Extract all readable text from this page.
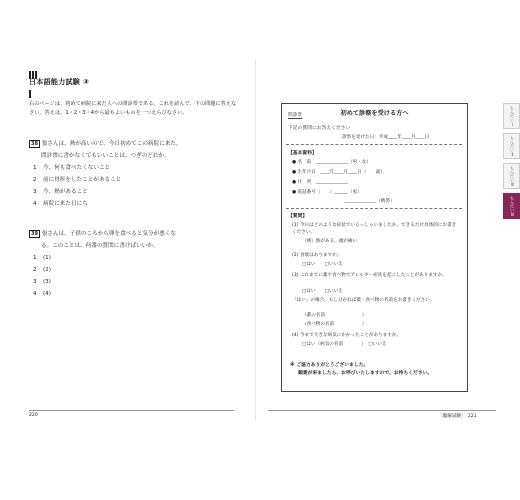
日本語能力試験 ③
右のページは、初めて病院に来た人への問診票である。これを読んで、下の問題に答えなさい。答えは、1・2・3・4から最もよいものを一つえらびなさい。
38 張さんは、熱が高いので、今日初めてこの病院に来た。
問診票に書かなくてもいいことは、つぎのどれか。
1 今、何も食べたくないこと
2 前に骨折をしたことがあること
3 今、熱があること
4 病院に来た日にち
39 張さんは、子供のころから卵を食べると気分が悪くな
る。このことは、何番の質問に書けばいいか。
1 (1)
2 (2)
3 (3)
4 (4)
220
問診票	初めて診察を受ける方へ
下記の質問にお答えください
診察を受けた日：平成____年____月____日
【基本資料】
● 名　前　______________（男・女）
● 生年月日　____年____月____日（　　歳）
● 住　所　______________
● 電話番号（　　）______（家）
______________（携帯）
【質問】
(1) 今日はどのような症状でいらっしゃいましたか。できるだけ具体的にお書きください。
（例）熱がある、頭が痛い
(2) 食欲はありますか。
□はい　　□いいえ
(3) これまでに薬や食べ物でアレルギー症状を起こしたことがありますか。
□はい　　□いいえ
「はい」の場合、もし分かれば薬・食べ物の名前をお書きください。
（薬の名前　　　　　　　　）
（食べ物の名前　　　　　　）
(4) 今まで大きな病気にかかったことがありますか。
□はい（病気の名前　　　　）　□いいえ
※ ご協力ありがとうございました。
順番が来ましたら、お呼びいたしますので、お待ちください。
もんだいⅠ
もんだいⅡ
もんだいⅢ
もんだいⅣ
［聴解試験］　221
